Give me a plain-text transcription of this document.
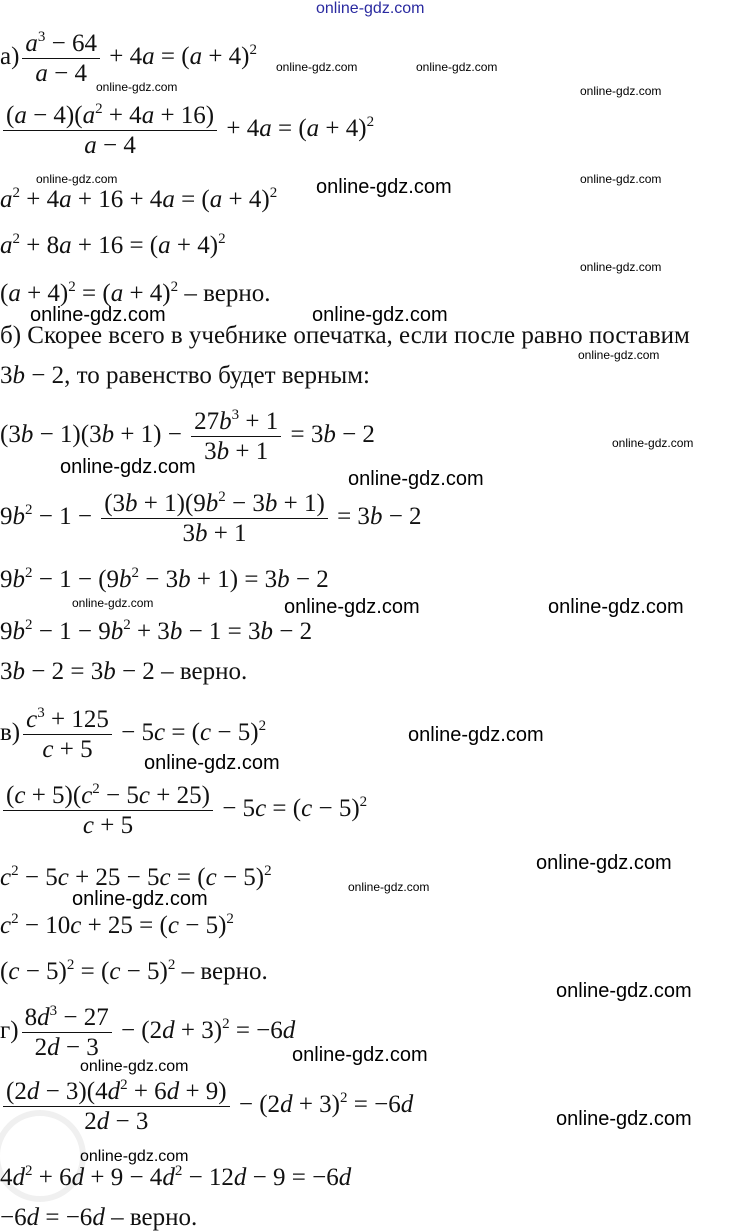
online-gdz.com
$а) \frac{a^3 - 64}{a - 4} + 4a = (a + 4)^2$
$\frac{(a - 4)(a^2 + 4a + 16)}{a - 4} + 4a = (a + 4)^2$
$a^2 + 4a + 16 + 4a = (a + 4)^2$
$a^2 + 8a + 16 = (a + 4)^2$
$(a + 4)^2 = (a + 4)^2$ – верно.
б) Скорее всего в учебнике опечатка, если после равно поставим
3b − 2, то равенство будет верным:
$(3b - 1)(3b + 1) - \frac{27b^3 + 1}{3b + 1} = 3b - 2$
$9b^2 - 1 - \frac{(3b + 1)(9b^2 - 3b + 1)}{3b + 1} = 3b - 2$
$9b^2 - 1 - (9b^2 - 3b + 1) = 3b - 2$
$9b^2 - 1 - 9b^2 + 3b - 1 = 3b - 2$
3b − 2 = 3b − 2 – верно.
$в) \frac{c^3 + 125}{c + 5} - 5c = (c - 5)^2$
$\frac{(c + 5)(c^2 - 5c + 25)}{c + 5} - 5c = (c - 5)^2$
$c^2 - 5c + 25 - 5c = (c - 5)^2$
$c^2 - 10c + 25 = (c - 5)^2$
$(c - 5)^2 = (c - 5)^2$ – верно.
$г) \frac{8d^3 - 27}{2d - 3} - (2d + 3)^2 = -6d$
$\frac{(2d - 3)(4d^2 + 6d + 9)}{2d - 3} - (2d + 3)^2 = -6d$
$4d^2 + 6d + 9 - 4d^2 - 12d - 9 = -6d$
−6d = −6d – верно.
online-gdz.com
online-gdz.com	online-gdz.com
online-gdz.com
online-gdz.com	online-gdz.com	online-gdz.com
online-gdz.com
online-gdz.com	online-gdz.com
online-gdz.com
online-gdz.com
online-gdz.com
online-gdz.com
online-gdz.com	online-gdz.com	online-gdz.com
online-gdz.com
online-gdz.com
online-gdz.com
online-gdz.com
online-gdz.com
online-gdz.com
online-gdz.com
online-gdz.com
online-gdz.com
online-gdz.com
